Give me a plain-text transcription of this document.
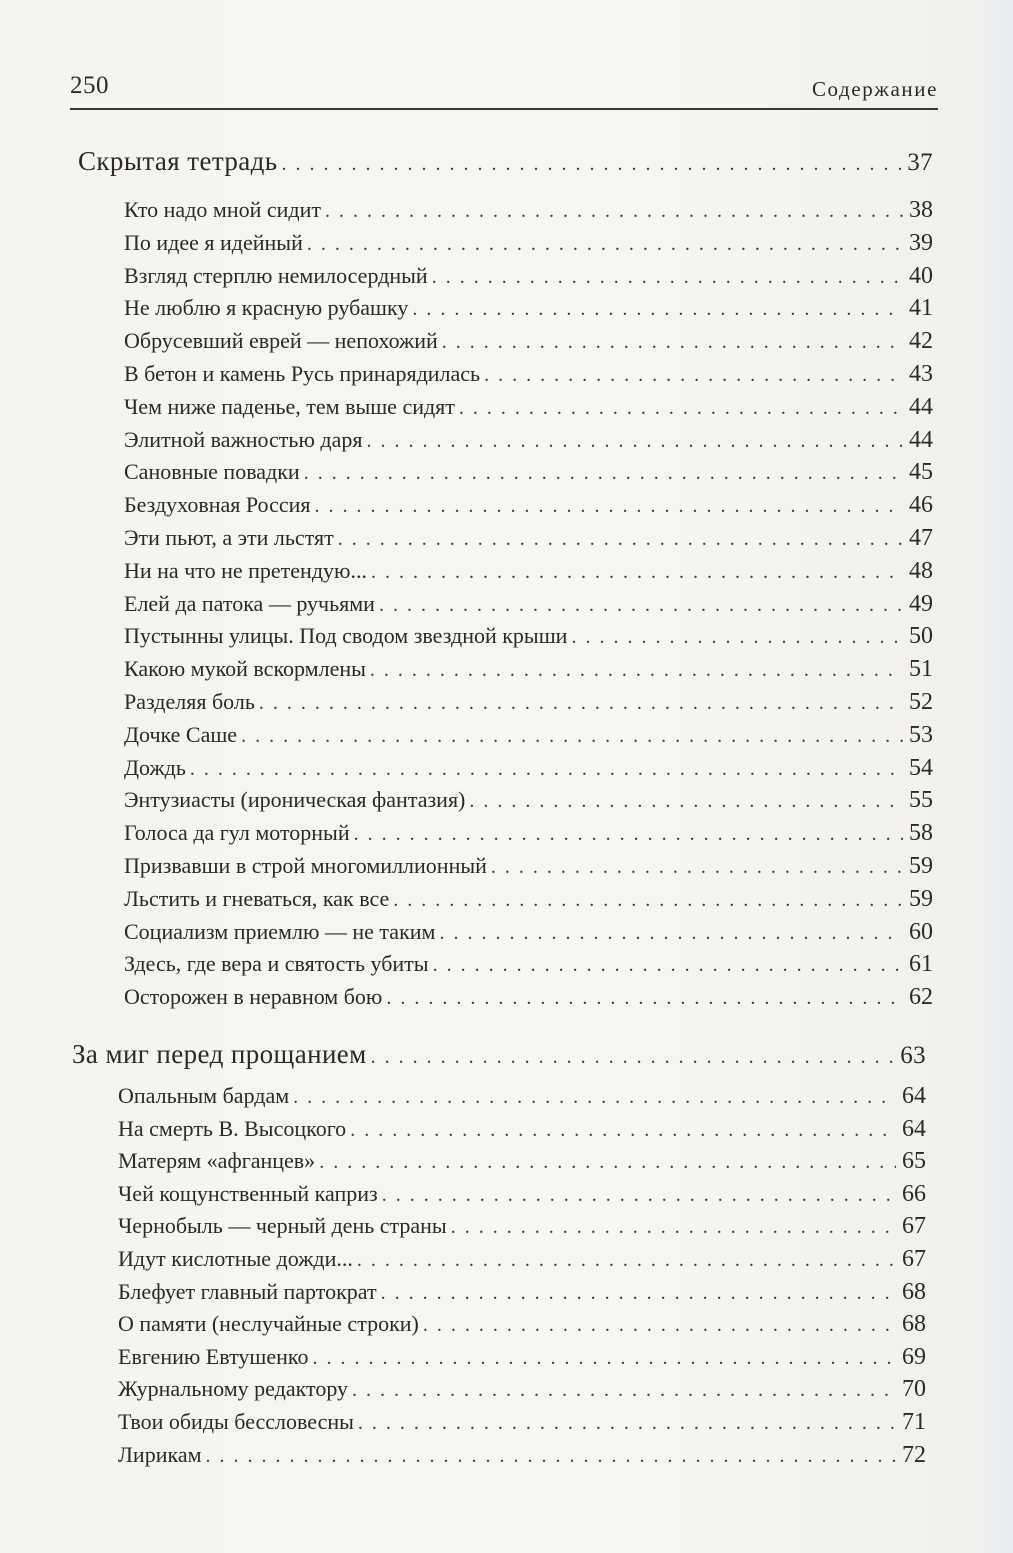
250	Содержание
Скрытая тетрадь . . .	37
Кто надо мной сидит . . .	38
По идее я идейный . . .	39
Взгляд стерплю немилосердный . . .	40
Не люблю я красную рубашку . . .	41
Обрусевший еврей — непохожий . . .	42
В бетон и камень Русь принарядилась . . .	43
Чем ниже паденье, тем выше сидят . . .	44
Элитной важностью даря . . .	44
Сановные повадки . . .	45
Бездуховная Россия . . .	46
Эти пьют, а эти льстят . . .	47
Ни на что не претендую... . . .	48
Елей да патока — ручьями . . .	49
Пустынны улицы. Под сводом звездной крыши . . .	50
Какою мукой вскормлены . . .	51
Разделяя боль . . .	52
Дочке Саше . . .	53
Дождь . . .	54
Энтузиасты (ироническая фантазия) . . .	55
Голоса да гул моторный . . .	58
Призвавши в строй многомиллионный . . .	59
Льстить и гневаться, как все . . .	59
Социализм приемлю — не таким . . .	60
Здесь, где вера и святость убиты . . .	61
Осторожен в неравном бою . . .	62
За миг перед прощанием . . .	63
Опальным бардам . . .	64
На смерть В. Высоцкого . . .	64
Матерям «афганцев» . . .	65
Чей кощунственный каприз . . .	66
Чернобыль — черный день страны . . .	67
Идут кислотные дожди... . . .	67
Блефует главный партократ . . .	68
О памяти (неслучайные строки) . . .	68
Евгению Евтушенко . . .	69
Журнальному редактору . . .	70
Твои обиды бессловесны . . .	71
Лирикам . . .	72
